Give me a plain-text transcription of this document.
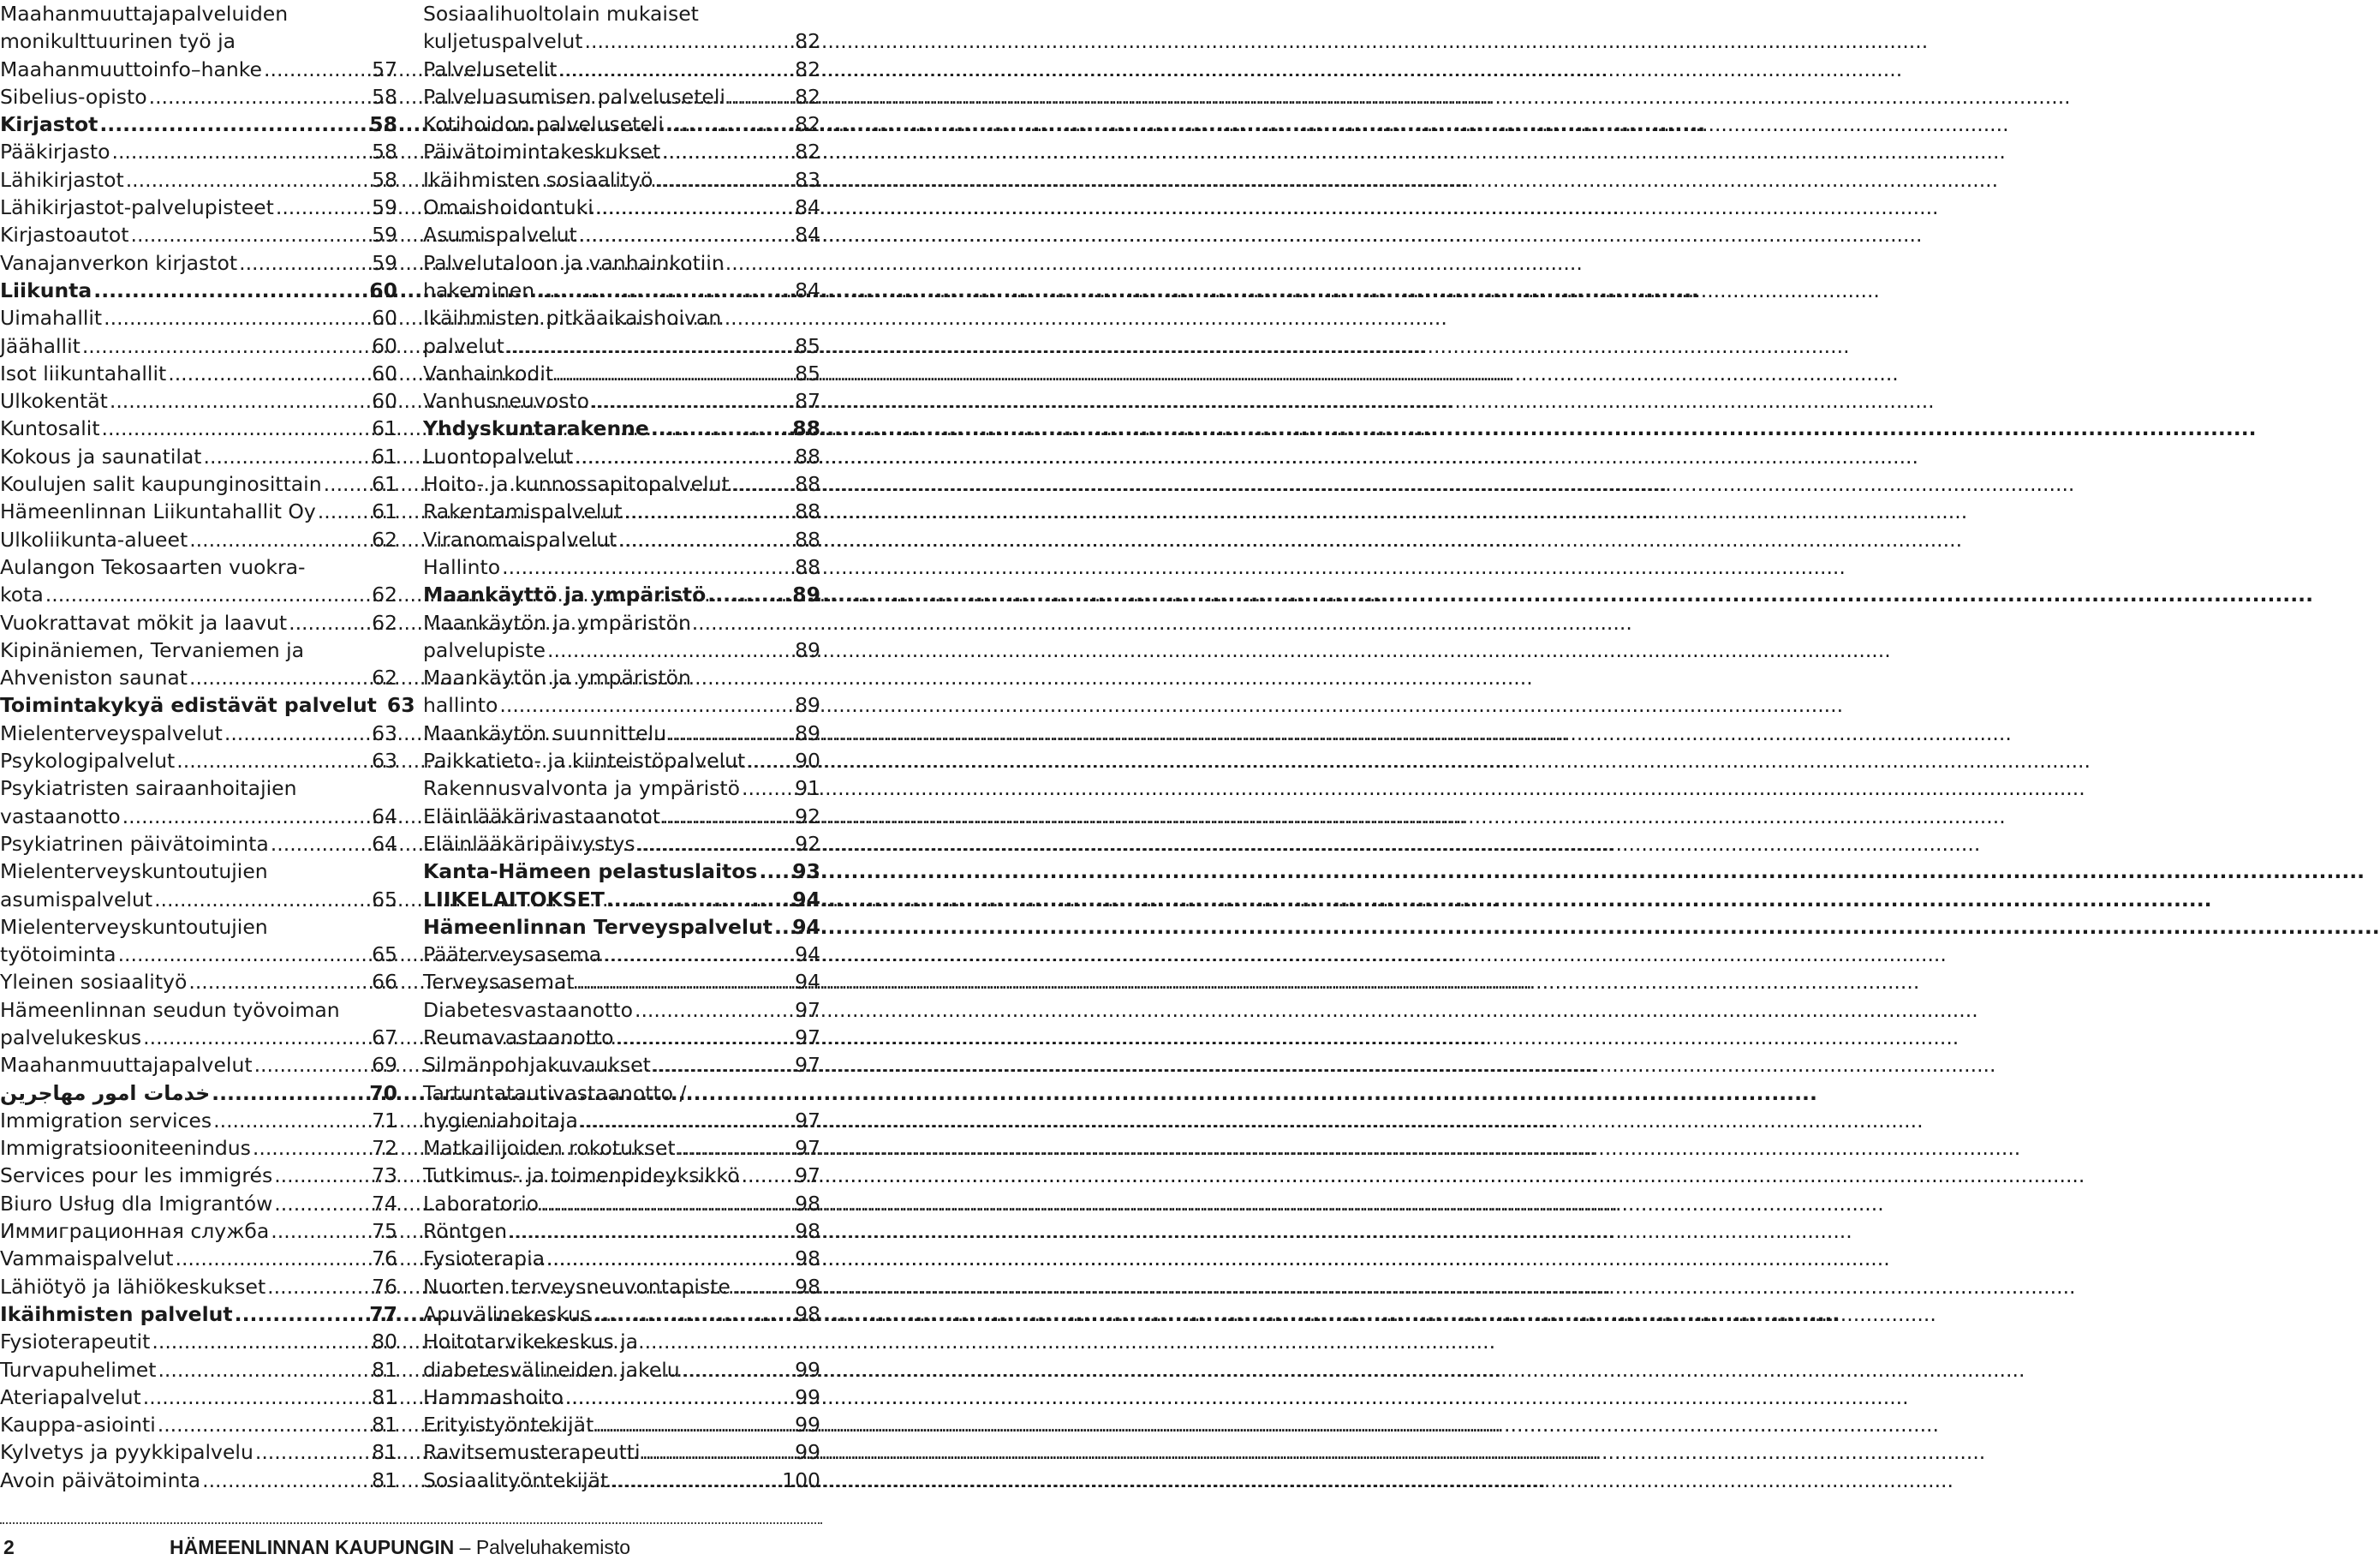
Maahanmuuttajapalveluiden
monikulttuurinen työ ja
Maahanmuuttoinfo–hanke .....	57
Sibelius-opisto .....	58
Kirjastot .....	58
Pääkirjasto .....	58
Lähikirjastot .....	58
Lähikirjastot-palvelupisteet .....	59
Kirjastoautot .....	59
Vanajanverkon kirjastot .....	59
Liikunta .....	60
Uimahallit .....	60
Jäähallit .....	60
Isot liikuntahallit .....	60
Ulkokentät .....	60
Kuntosalit .....	61
Kokous ja saunatilat .....	61
Koulujen salit kaupunginosittain ..... 61
Hämeenlinnan Liikuntahallit Oy .....	61
Ulkoliikunta-alueet .....	62
Aulangon Tekosaarten vuokra-
kota .....	62
Vuokrattavat mökit ja laavut .....	62
Kipinäniemen, Tervaniemen ja
Ahveniston saunat .....	62
Toimintakykyä edistävät palvelut 63
Mielenterveyspalvelut .....	63
Psykologipalvelut .....	63
Psykiatristen sairaanhoitajien
vastaanotto .....	64
Psykiatrinen päivätoiminta .....	64
Mielenterveyskuntoutujien
asumispalvelut .....	65
Mielenterveyskuntoutujien
työtoiminta .....	65
Yleinen sosiaalityö .....	66
Hämeenlinnan seudun työvoiman
palvelukeskus .....	67
Maahanmuuttajapalvelut .....	69
خدمات امور مهاجرين .....	70
Immigration services .....	71
Immigratsiooniteenindus .....	72
Services pour les immigrés .....	73
Biuro Usług dla Imigrantów .....	74
Иммиграционная служба .....	75
Vammaispalvelut .....	76
Lähiötyö ja lähiökeskukset .....	76
Ikäihmisten palvelut .....	77
Fysioterapeutit .....	80
Turvapuhelimet .....	81
Ateriapalvelut .....	81
Kauppa-asiointi .....	81
Kylvetys ja pyykkipalvelu .....	81
Avoin päivätoiminta .....	81
Sosiaalihuoltolain mukaiset
kuljetuspalvelut .....	82
Palvelusetelit .....	82
Palveluasumisen palveluseteli .....	82
Kotihoidon palveluseteli .....	82
Päivätoimintakeskukset .....	82
Ikäihmisten sosiaalityö .....	83
Omaishoidontuki .....	84
Asumispalvelut .....	84
Palvelutaloon ja vanhainkotiin
hakeminen .....	84
Ikäihmisten pitkäaikaishoivan
palvelut .....	85
Vanhainkodit .....	85
Vanhusneuvosto .....	87
Yhdyskuntarakenne .....	88
Luontopalvelut .....	88
Hoito- ja kunnossapitopalvelut .....	88
Rakentamispalvelut .....	88
Viranomaispalvelut .....	88
Hallinto .....	88
Maankäyttö ja ympäristö .....	89
Maankäytön ja ympäristön
palvelupiste .....	89
Maankäytön ja ympäristön
hallinto .....	89
Maankäytön suunnittelu .....	89
Paikkatieto- ja kiinteistöpalvelut ..... 90
Rakennusvalvonta ja ympäristö .....	91
Eläinlääkärivastaanotot .....	92
Eläinlääkäripäivystys .....	92
Kanta-Hämeen pelastuslaitos ..... 93
LIIKELAITOKSET .....	94
Hämeenlinnan Terveyspalvelut ..... 94
Pääterveysasema .....	94
Terveysasemat .....	94
Diabetesvastaanotto .....	97
Reumavastaanotto .....	97
Silmänpohjakuvaukset .....	97
Tartuntatautivastaanotto /
hygieniahoitaja .....	97
Matkailijoiden rokotukset .....	97
Tutkimus- ja toimenpideyksikkö .....	97
Laboratorio .....	98
Röntgen .....	98
Fysioterapia .....	98
Nuorten terveysneuvontapiste .....	98
Apuvälinekeskus .....	98
Hoitotarvikekeskus ja
diabetesvälineiden jakelu .....	99
Hammashoito .....	99
Erityistyöntekijät .....	99
Ravitsemusterapeutti .....	99
Sosiaalityöntekijät .....	100
2	HÄMEENLINNAN KAUPUNGIN – Palveluhakemisto
